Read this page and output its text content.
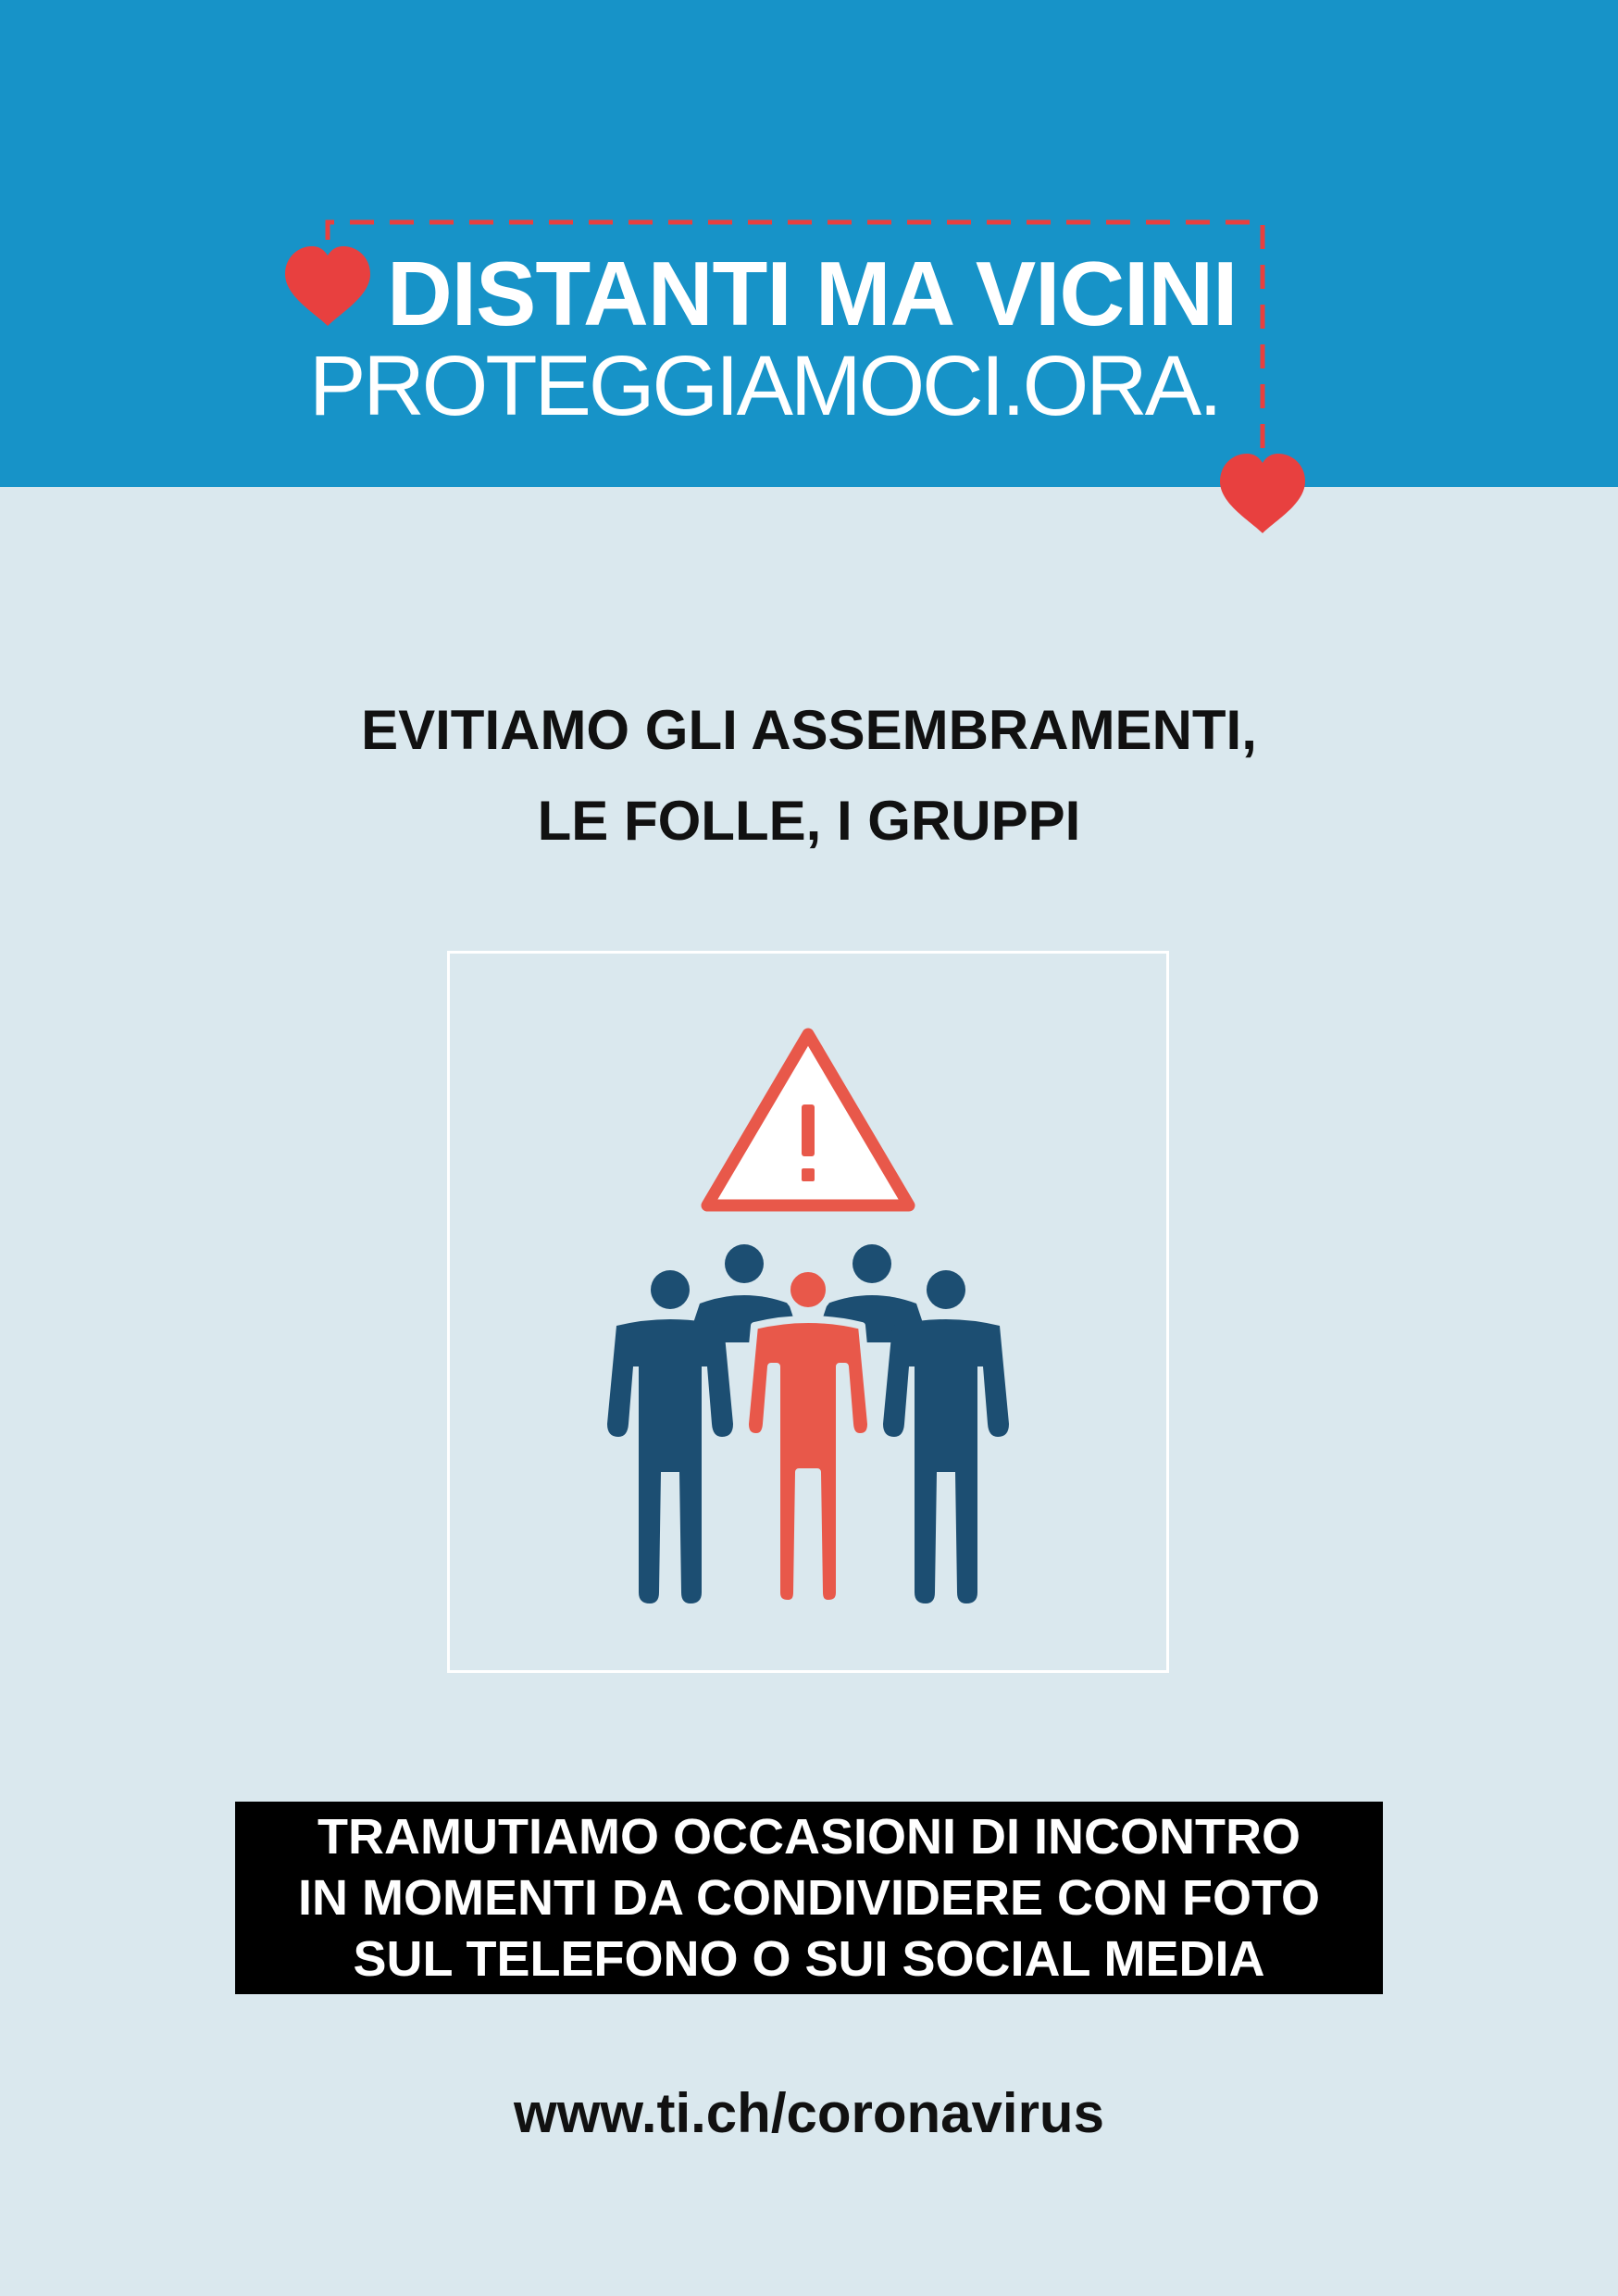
DISTANTI MA VICINI
PROTEGGIAMOCI.ORA.
EVITIAMO GLI ASSEMBRAMENTI,
LE FOLLE, I GRUPPI
TRAMUTIAMO OCCASIONI DI INCONTRO
IN MOMENTI DA CONDIVIDERE CON FOTO
SUL TELEFONO O SUI SOCIAL MEDIA
www.ti.ch/coronavirus
